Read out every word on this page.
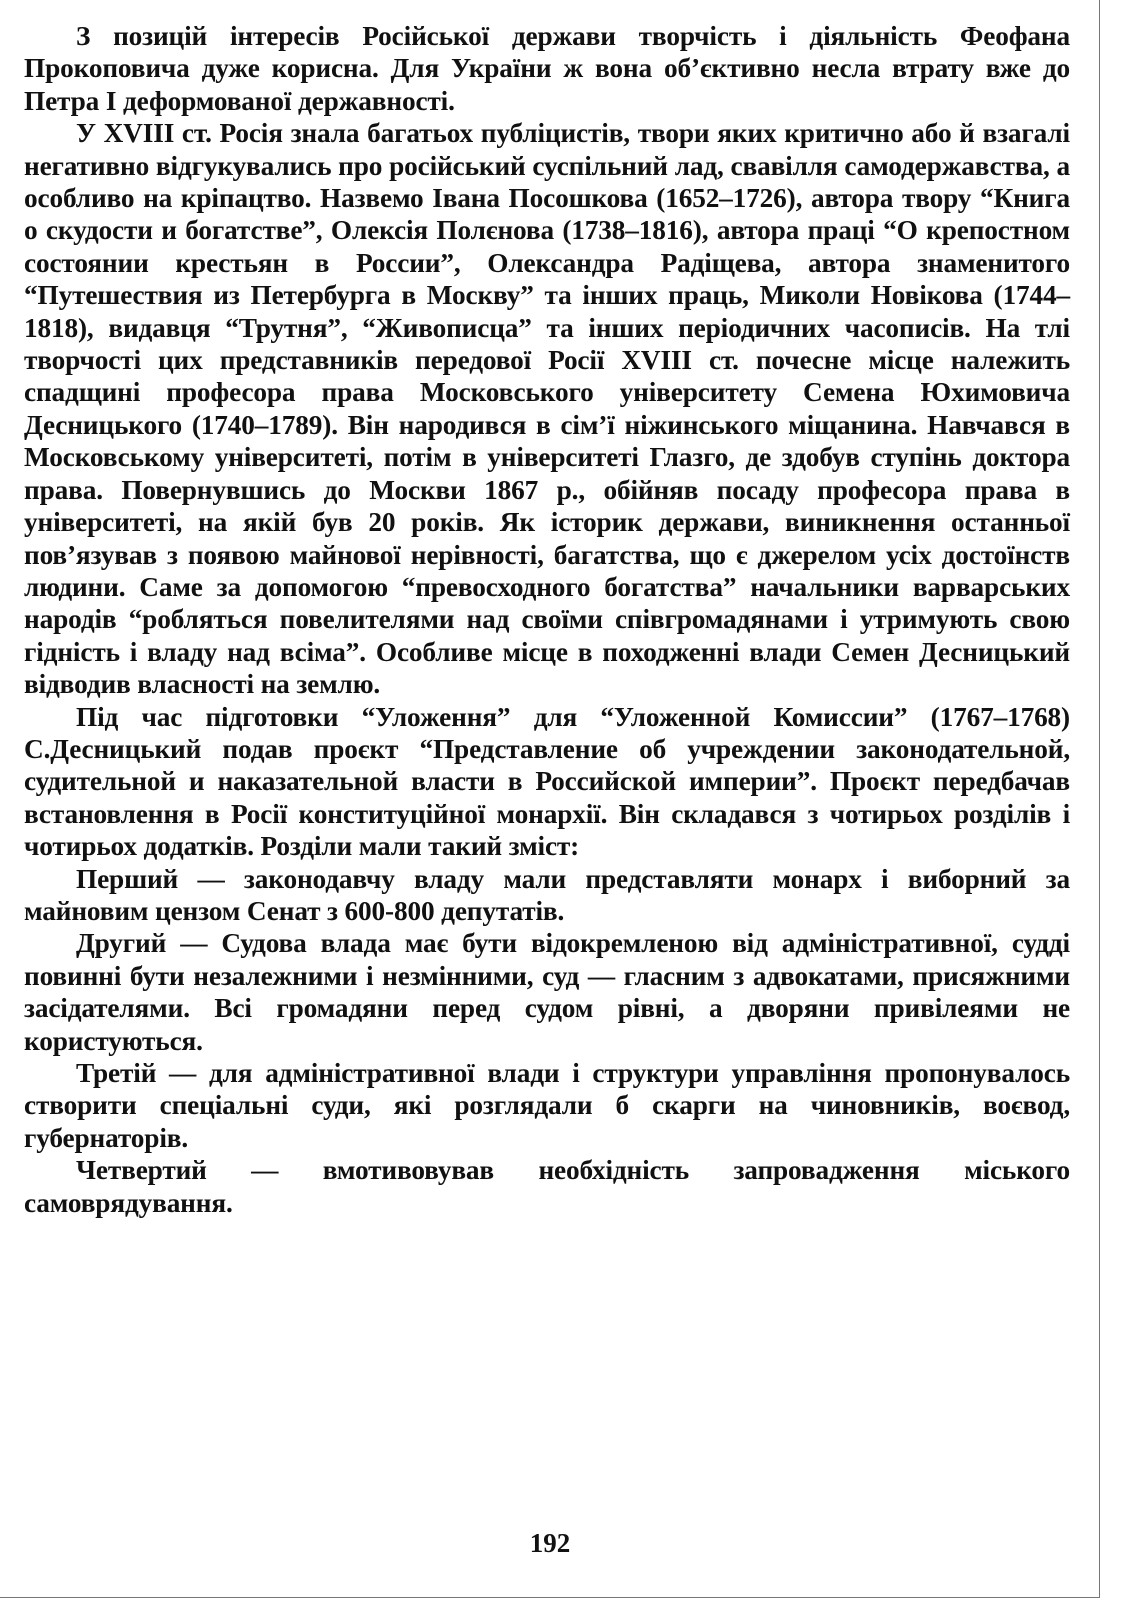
З позицій інтересів Російської держави творчість і діяльність Феофана Прокоповича дуже корисна. Для України ж вона об’єктивно несла втрату вже до Петра І деформованої державності.

У XVIII ст. Росія знала багатьох публіцистів, твори яких критично або й взагалі негативно відгукувались про російський суспільний лад, свавілля самодержавства, а особливо на кріпацтво. Назвемо Івана Посошкова (1652–1726), автора твору “Книга о скудости и богатстве”, Олексія Полєнова (1738–1816), автора праці “О крепостном состоянии крестьян в России”, Олександра Радіщева, автора знаменитого “Путешествия из Петербурга в Москву” та інших праць, Миколи Новікова (1744–1818), видавця “Трутня”, “Живописца” та інших періодичних часописів. На тлі творчості цих представників передової Росії XVIII ст. почесне місце належить спадщині професора права Московського університету Семена Юхимовича Десницького (1740–1789). Він народився в сім’ї ніжинського міщанина. Навчався в Московському університеті, потім в університеті Глазго, де здобув ступінь доктора права. Повернувшись до Москви 1867 р., обійняв посаду професора права в університеті, на якій був 20 років. Як історик держави, виникнення останньої пов’язував з появою майнової нерівності, багатства, що є джерелом усіх достоїнств людини. Саме за допомогою “превосходного богатства” начальники варварських народів “робляться повелителями над своїми співгромадянами і утримують свою гідність і владу над всіма”. Особливе місце в походженні влади Семен Десницький відводив власності на землю.

Під час підготовки “Уложення” для “Уложенной Комиссии” (1767–1768) С.Десницький подав проєкт “Представление об учреждении законодательной, судительной и наказательной власти в Российской империи”. Проєкт передбачав встановлення в Росії конституційної монархії. Він складався з чотирьох розділів і чотирьох додатків. Розділи мали такий зміст:

Перший — законодавчу владу мали представляти монарх і виборний за майновим цензом Сенат з 600-800 депутатів.

Другий — Судова влада має бути відокремленою від адміністративної, судді повинні бути незалежними і незмінними, суд — гласним з адвокатами, присяжними засідателями. Всі громадяни перед судом рівні, а дворяни привілеями не користуються.

Третій — для адміністративної влади і структури управління пропонувалось створити спеціальні суди, які розглядали б скарги на чиновників, воєвод, губернаторів.

Четвертий — вмотивовував необхідність запровадження міського самоврядування.

192
